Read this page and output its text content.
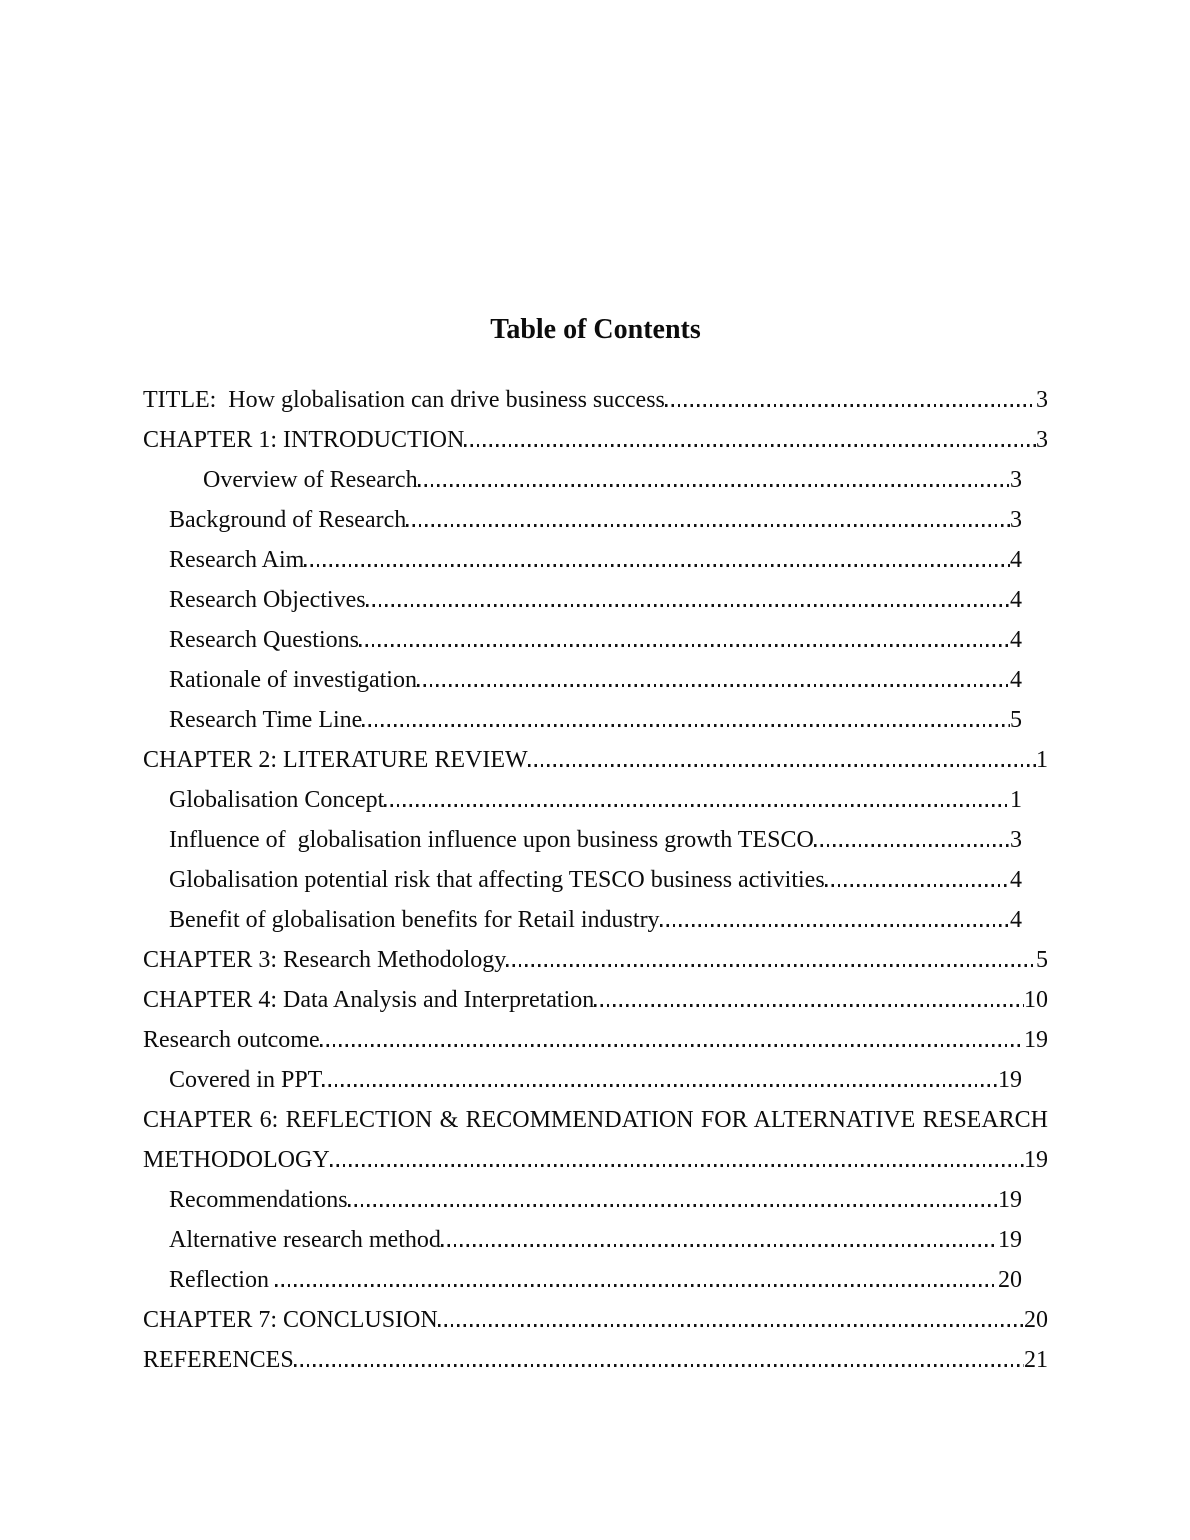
Table of Contents
TITLE:  How globalisation can drive business success	3
CHAPTER 1: INTRODUCTION	3
Overview of Research	3
Background of Research	3
Research Aim	4
Research Objectives	4
Research Questions	4
Rationale of investigation	4
Research Time Line	5
CHAPTER 2: LITERATURE REVIEW	1
Globalisation Concept	1
Influence of  globalisation influence upon business growth TESCO	3
Globalisation potential risk that affecting TESCO business activities	4
Benefit of globalisation benefits for Retail industry	4
CHAPTER 3: Research Methodology	5
CHAPTER 4: Data Analysis and Interpretation	10
Research outcome	19
Covered in PPT	19
CHAPTER 6: REFLECTION & RECOMMENDATION FOR ALTERNATIVE RESEARCH
METHODOLOGY	19
Recommendations	19
Alternative research method	19
Reflection	20
CHAPTER 7: CONCLUSION	20
REFERENCES	21
